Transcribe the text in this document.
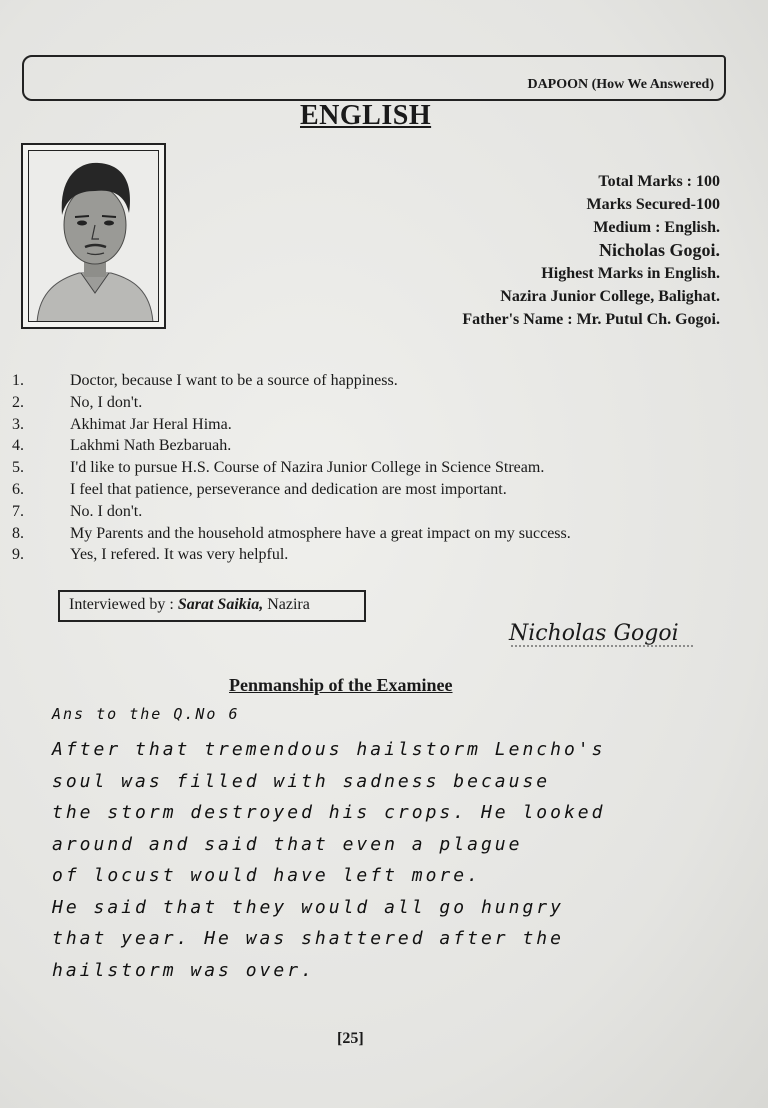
DAPOON (How We Answered)
ENGLISH
Total Marks : 100
Marks Secured-100
Medium : English.
Nicholas Gogoi.
Highest Marks in English.
Nazira Junior College, Balighat.
Father's Name : Mr. Putul Ch. Gogoi.
1.	Doctor, because I want to be a source of happiness.
2.	No, I don't.
3.	Akhimat Jar Heral Hima.
4.	Lakhmi Nath Bezbaruah.
5.	I'd like to pursue H.S. Course of Nazira Junior College in Science Stream.
6.	I feel that patience, perseverance and dedication are most important.
7.	No. I don't.
8.	My Parents and the household atmosphere have a great impact on my success.
9.	Yes, I refered. It was very helpful.
Interviewed by : Sarat Saikia, Nazira
Nicholas Gogoi
Penmanship of the Examinee
Ans to the Q.No 6
After that tremendous hailstorm Lencho's
soul was filled with sadness because
the storm destroyed his crops. He looked
around and said that even a plague
of locust would have left more.
He said that they would all go hungry
that year. He was shattered after the
hailstorm was over.
[25]
